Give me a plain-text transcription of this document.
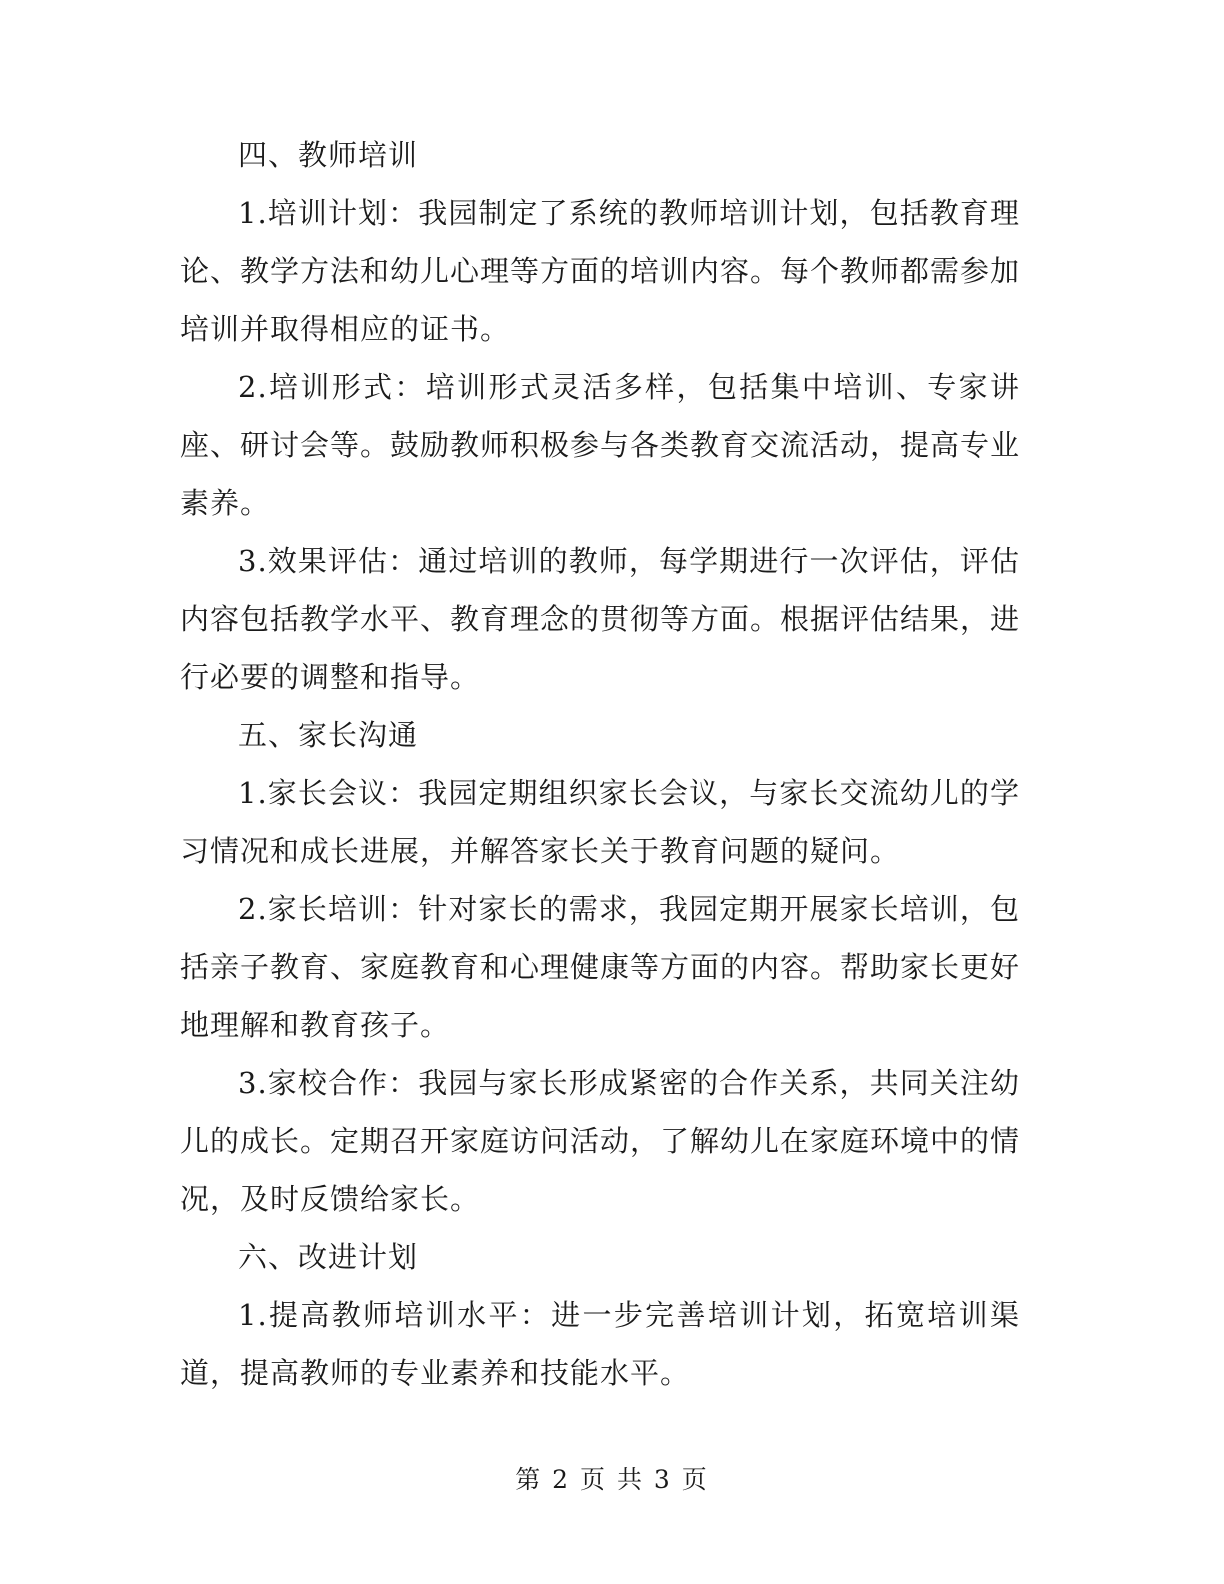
四、教师培训

1.培训计划：我园制定了系统的教师培训计划，包括教育理论、教学方法和幼儿心理等方面的培训内容。每个教师都需参加培训并取得相应的证书。

2.培训形式：培训形式灵活多样，包括集中培训、专家讲座、研讨会等。鼓励教师积极参与各类教育交流活动，提高专业素养。

3.效果评估：通过培训的教师，每学期进行一次评估，评估内容包括教学水平、教育理念的贯彻等方面。根据评估结果，进行必要的调整和指导。

五、家长沟通

1.家长会议：我园定期组织家长会议，与家长交流幼儿的学习情况和成长进展，并解答家长关于教育问题的疑问。

2.家长培训：针对家长的需求，我园定期开展家长培训，包括亲子教育、家庭教育和心理健康等方面的内容。帮助家长更好地理解和教育孩子。

3.家校合作：我园与家长形成紧密的合作关系，共同关注幼儿的成长。定期召开家庭访问活动，了解幼儿在家庭环境中的情况，及时反馈给家长。

六、改进计划

1.提高教师培训水平：进一步完善培训计划，拓宽培训渠道，提高教师的专业素养和技能水平。

第 2 页 共 3 页
